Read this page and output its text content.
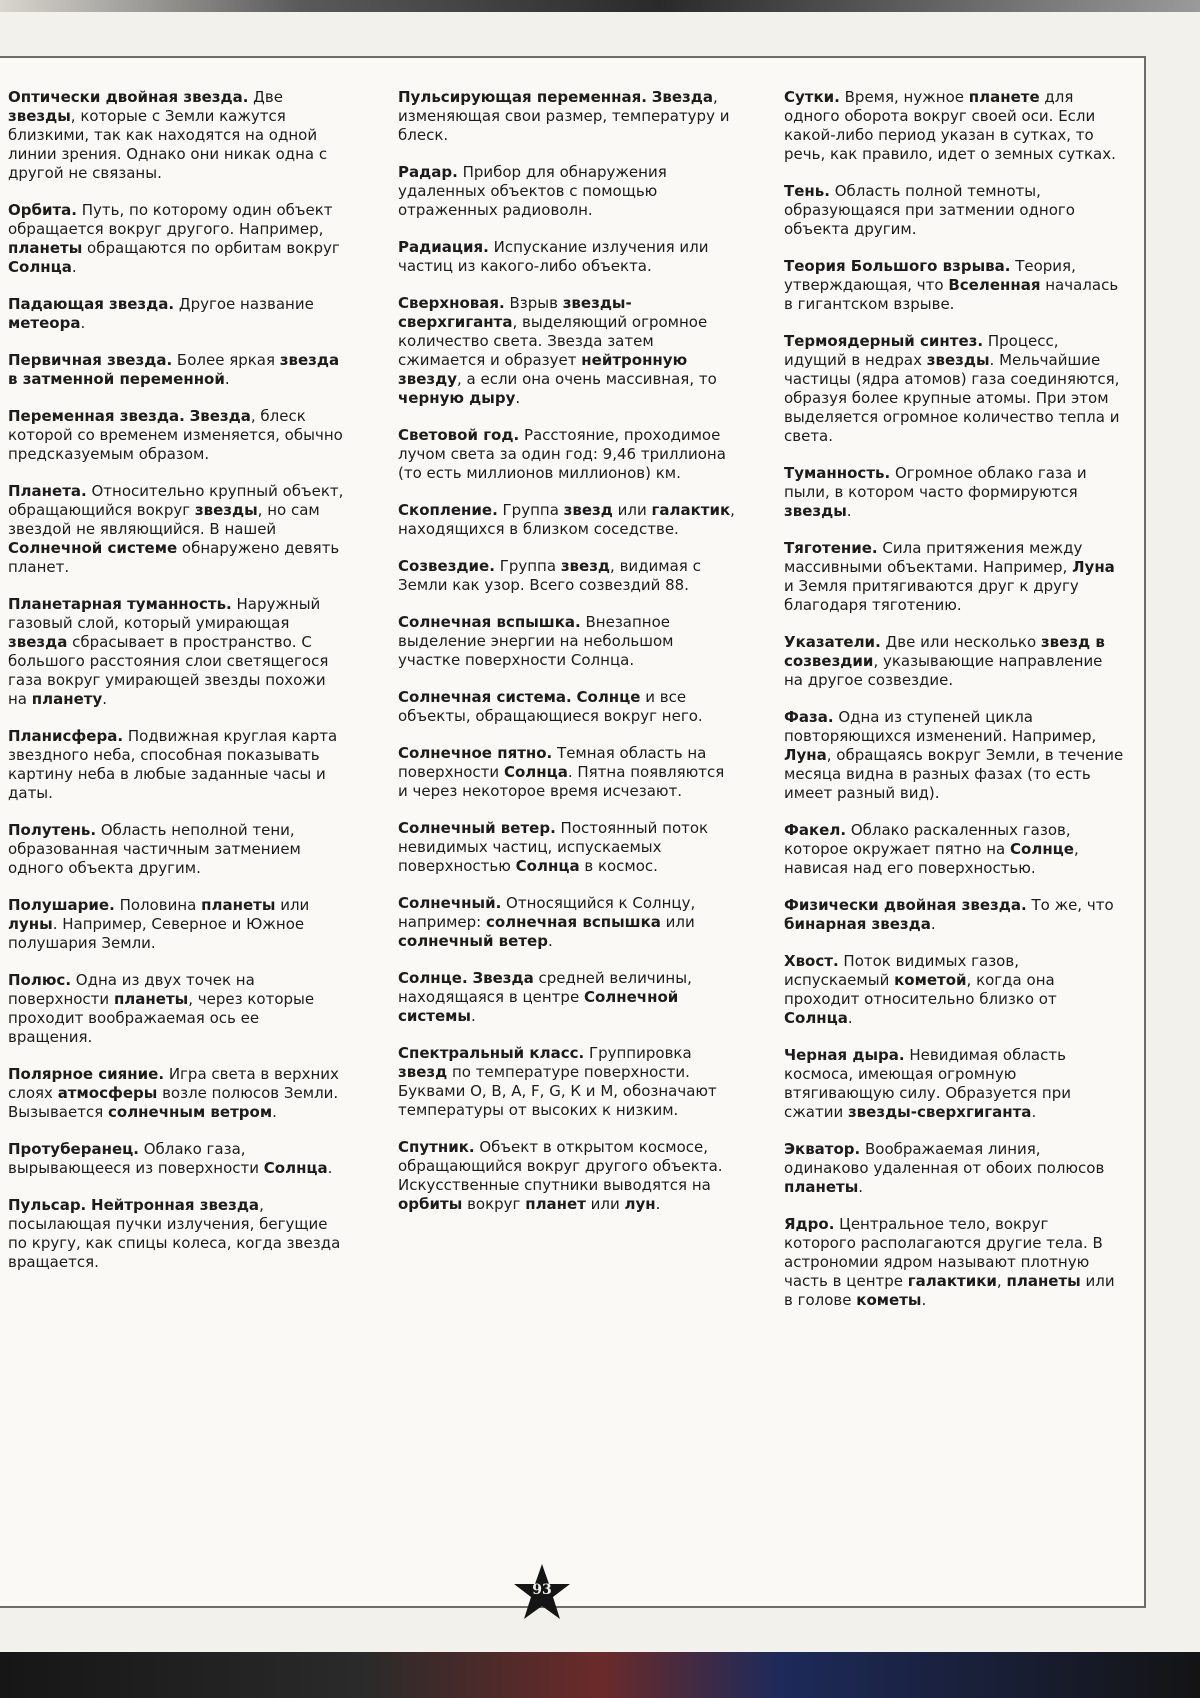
Оптически двойная звезда. Две звезды, которые с Земли кажутся близкими, так как находятся на одной линии зрения. Однако они никак одна с другой не связаны.

Орбита. Путь, по которому один объект обращается вокруг другого. Например, планеты обращаются по орбитам вокруг Солнца.

Падающая звезда. Другое название метеора.

Первичная звезда. Более яркая звезда в затменной переменной.

Переменная звезда. Звезда, блеск которой со временем изменяется, обычно предсказуемым образом.

Планета. Относительно крупный объект, обращающийся вокруг звезды, но сам звездой не являющийся. В нашей Солнечной системе обнаружено девять планет.

Планетарная туманность. Наружный газовый слой, который умирающая звезда сбрасывает в пространство. С большого расстояния слои светящегося газа вокруг умирающей звезды похожи на планету.

Планисфера. Подвижная круглая карта звездного неба, способная показывать картину неба в любые заданные часы и даты.

Полутень. Область неполной тени, образованная частичным затмением одного объекта другим.

Полушарие. Половина планеты или луны. Например, Северное и Южное полушария Земли.

Полюс. Одна из двух точек на поверхности планеты, через которые проходит воображаемая ось ее вращения.

Полярное сияние. Игра света в верхних слоях атмосферы возле полюсов Земли. Вызывается солнечным ветром.

Протуберанец. Облако газа, вырывающееся из поверхности Солнца.

Пульсар. Нейтронная звезда, посылающая пучки излучения, бегущие по кругу, как спицы колеса, когда звезда вращается.

Пульсирующая переменная. Звезда, изменяющая свои размер, температуру и блеск.

Радар. Прибор для обнаружения удаленных объектов с помощью отраженных радиоволн.

Радиация. Испускание излучения или частиц из какого-либо объекта.

Сверхновая. Взрыв звезды-сверхгиганта, выделяющий огромное количество света. Звезда затем сжимается и образует нейтронную звезду, а если она очень массивная, то черную дыру.

Световой год. Расстояние, проходимое лучом света за один год: 9,46 триллиона (то есть миллионов миллионов) км.

Скопление. Группа звезд или галактик, находящихся в близком соседстве.

Созвездие. Группа звезд, видимая с Земли как узор. Всего созвездий 88.

Солнечная вспышка. Внезапное выделение энергии на небольшом участке поверхности Солнца.

Солнечная система. Солнце и все объекты, обращающиеся вокруг него.

Солнечное пятно. Темная область на поверхности Солнца. Пятна появляются и через некоторое время исчезают.

Солнечный ветер. Постоянный поток невидимых частиц, испускаемых поверхностью Солнца в космос.

Солнечный. Относящийся к Солнцу, например: солнечная вспышка или солнечный ветер.

Солнце. Звезда средней величины, находящаяся в центре Солнечной системы.

Спектральный класс. Группировка звезд по температуре поверхности. Буквами О, В, А, F, G, К и М, обозначают температуры от высоких к низким.

Спутник. Объект в открытом космосе, обращающийся вокруг другого объекта. Искусственные спутники выводятся на орбиты вокруг планет или лун.

Сутки. Время, нужное планете для одного оборота вокруг своей оси. Если какой-либо период указан в сутках, то речь, как правило, идет о земных сутках.

Тень. Область полной темноты, образующаяся при затмении одного объекта другим.

Теория Большого взрыва. Теория, утверждающая, что Вселенная началась в гигантском взрыве.

Термоядерный синтез. Процесс, идущий в недрах звезды. Мельчайшие частицы (ядра атомов) газа соединяются, образуя более крупные атомы. При этом выделяется огромное количество тепла и света.

Туманность. Огромное облако газа и пыли, в котором часто формируются звезды.

Тяготение. Сила притяжения между массивными объектами. Например, Луна и Земля притягиваются друг к другу благодаря тяготению.

Указатели. Две или несколько звезд в созвездии, указывающие направление на другое созвездие.

Фаза. Одна из ступеней цикла повторяющихся изменений. Например, Луна, обращаясь вокруг Земли, в течение месяца видна в разных фазах (то есть имеет разный вид).

Факел. Облако раскаленных газов, которое окружает пятно на Солнце, нависая над его поверхностью.

Физически двойная звезда. То же, что бинарная звезда.

Хвост. Поток видимых газов, испускаемый кометой, когда она проходит относительно близко от Солнца.

Черная дыра. Невидимая область космоса, имеющая огромную втягивающую силу. Образуется при сжатии звезды-сверхгиганта.

Экватор. Воображаемая линия, одинаково удаленная от обоих полюсов планеты.

Ядро. Центральное тело, вокруг которого располагаются другие тела. В астрономии ядром называют плотную часть в центре галактики, планеты или в голове кометы.

93
